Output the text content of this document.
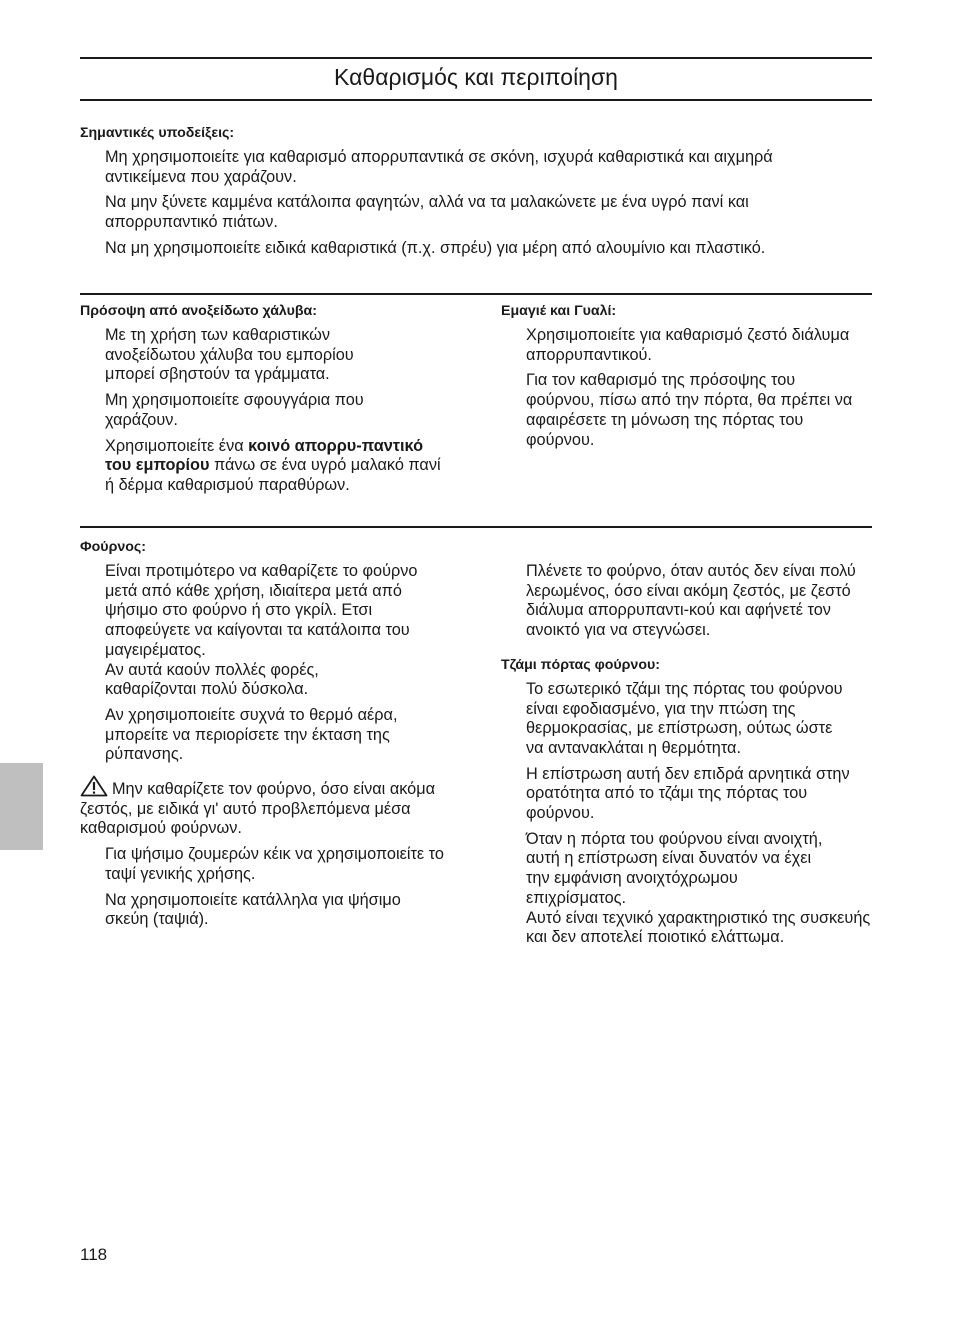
Καθαρισμός και περιποίηση

Σημαντικές υποδείξεις:

Μη χρησιμοποιείτε για καθαρισμό απορρυπαντικά σε σκόνη, ισχυρά καθαριστικά και αιχμηρά αντικείμενα που χαράζουν.

Να μην ξύνετε καμμένα κατάλοιπα φαγητών, αλλά να τα μαλακώνετε με ένα υγρό πανί και απορρυπαντικό πιάτων.

Να μη χρησιμοποιείτε ειδικά καθαριστικά (π.χ. σπρέυ) για μέρη από αλουμίνιο και πλαστικό.

Πρόσοψη από ανοξείδωτο χάλυβα:

Με τη χρήση των καθαριστικών ανοξείδωτου χάλυβα του εμπορίου μπορεί σβηστούν τα γράμματα.

Μη χρησιμοποιείτε σφουγγάρια που χαράζουν.

Χρησιμοποιείτε ένα κοινό απορρυ-παντικό του εμπορίου πάνω σε ένα υγρό μαλακό πανί ή δέρμα καθαρισμού παραθύρων.

Εμαγιέ και Γυαλί:

Χρησιμοποιείτε για καθαρισμό ζεστό διάλυμα απορρυπαντικού.

Για τον καθαρισμό της πρόσοψης του φούρνου, πίσω από την πόρτα, θα πρέπει να αφαιρέσετε τη μόνωση της πόρτας του φούρνου.

Φούρνος:

Είναι προτιμότερο να καθαρίζετε το φούρνο μετά από κάθε χρήση, ιδιαίτερα μετά από ψήσιμο στο φούρνο ή στο γκρίλ. Ετσι αποφεύγετε να καίγονται τα κατάλοιπα του μαγειρέματος.

Αν αυτά καούν πολλές φορές, καθαρίζονται πολύ δύσκολα.

Αν χρησιμοποιείτε συχνά το θερμό αέρα, μπορείτε να περιορίσετε την έκταση της ρύπανσης.

Μην καθαρίζετε τον φούρνο, όσο είναι ακόμα ζεστός, με ειδικά γι' αυτό προβλεπόμενα μέσα καθαρισμού φούρνων.

Για ψήσιμο ζουμερών κέικ να χρησιμοποιείτε το ταψί γενικής χρήσης.

Να χρησιμοποιείτε κατάλληλα για ψήσιμο σκεύη (ταψιά).

Πλένετε το φούρνο, όταν αυτός δεν είναι πολύ λερωμένος, όσο είναι ακόμη ζεστός, με ζεστό διάλυμα απορρυπαντι-κού και αφήνετέ τον ανοικτό για να στεγνώσει.

Τζάμι πόρτας φούρνου:

Το εσωτερικό τζάμι της πόρτας του φούρνου είναι εφοδιασμένο, για την πτώση της θερμοκρασίας, με επίστρωση, ούτως ώστε να αντανακλάται η θερμότητα.

Η επίστρωση αυτή δεν επιδρά αρνητικά στην ορατότητα από το τζάμι της πόρτας του φούρνου.

Όταν η πόρτα του φούρνου είναι ανοιχτή, αυτή η επίστρωση είναι δυνατόν να έχει την εμφάνιση ανοιχτόχρωμου επιχρίσματος.

Αυτό είναι τεχνικό χαρακτηριστικό της συσκευής και δεν αποτελεί ποιοτικό ελάττωμα.

118
